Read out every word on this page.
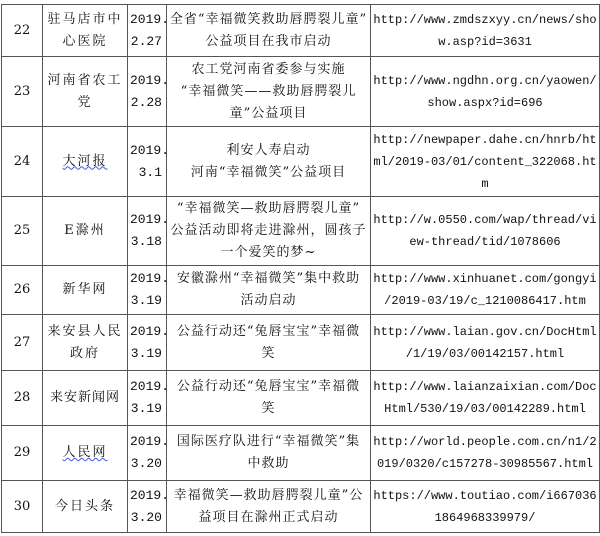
22	驻马店市中
心医院	2019.
2.27	全省“幸福微笑救助唇腭裂儿童”
公益项目在我市启动	http://www.zmdszxyy.cn/news/sho
w.asp?id=3631
23	河南省农工
党	2019.
2.28	农工党河南省委参与实施
“幸福微笑——救助唇腭裂儿
童”公益项目	http://www.ngdhn.org.cn/yaowen/
show.aspx?id=696
24	大河报	2019.
3.1	利安人寿启动
河南“幸福微笑”公益项目	http://newpaper.dahe.cn/hnrb/ht
ml/2019-03/01/content_322068.ht
m
25	E滁州	2019.
3.18	“幸福微笑—救助唇腭裂儿童”
公益活动即将走进滁州，圆孩子
一个爱笑的梦~	http://w.0550.com/wap/thread/vi
ew-thread/tid/1078606
26	新华网	2019.
3.19	安徽滁州“幸福微笑”集中救助
活动启动	http://www.xinhuanet.com/gongyi
/2019-03/19/c_1210086417.htm
27	来安县人民
政府	2019.
3.19	公益行动还“兔唇宝宝”幸福微
笑	http://www.laian.gov.cn/DocHtml
/1/19/03/00142157.html
28	来安新闻网	2019.
3.19	公益行动还“兔唇宝宝”幸福微
笑	http://www.laianzaixian.com/Doc
Html/530/19/03/00142289.html
29	人民网	2019.
3.20	国际医疗队进行“幸福微笑”集
中救助	http://world.people.com.cn/n1/2
019/0320/c157278-30985567.html
30	今日头条	2019.
3.20	幸福微笑—救助唇腭裂儿童”公
益项目在滁州正式启动	https://www.toutiao.com/i667036
1864968339979/
